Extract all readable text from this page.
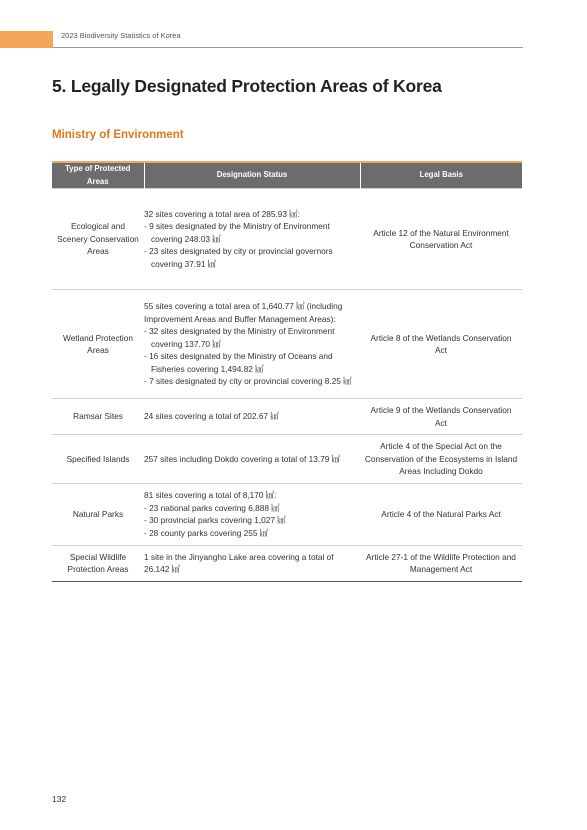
2023 Biodiversity Statistics of Korea
5. Legally Designated Protection Areas of Korea
Ministry of Environment
Type of Protected Areas	Designation Status	Legal Basis
Ecological and Scenery Conservation Areas	32 sites covering a total area of 285.93 ㎢:
- 9 sites designated by the Ministry of Environment covering 248.03 ㎢
- 23 sites designated by city or provincial governors covering 37.91 ㎢	Article 12 of the Natural Environment Conservation Act
Wetland Protection Areas	55 sites covering a total area of 1,640.77 ㎢ (including Improvement Areas and Buffer Management Areas):
- 32 sites designated by the Ministry of Environment covering 137.70 ㎢
- 16 sites designated by the Ministry of Oceans and Fisheries covering 1,494.82 ㎢
- 7 sites designated by city or provincial covering 8.25 ㎢	Article 8 of the Wetlands Conservation Act
Ramsar Sites	24 sites covering a total of 202.67 ㎢	Article 9 of the Wetlands Conservation Act
Specified Islands	257 sites including Dokdo covering a total of 13.79 ㎢	Article 4 of the Special Act on the Conservation of the Ecosystems in Island Areas Including Dokdo
Natural Parks	81 sites covering a total of 8,170 ㎢:
- 23 national parks covering 6,888 ㎢
- 30 provincial parks covering 1,027 ㎢
- 28 county parks covering 255 ㎢	Article 4 of the Natural Parks Act
Special Wildlife Protection Areas	1 site in the Jinyangho Lake area covering a total of 26.142 ㎢	Article 27-1 of the Wildlife Protection and Management Act
132
